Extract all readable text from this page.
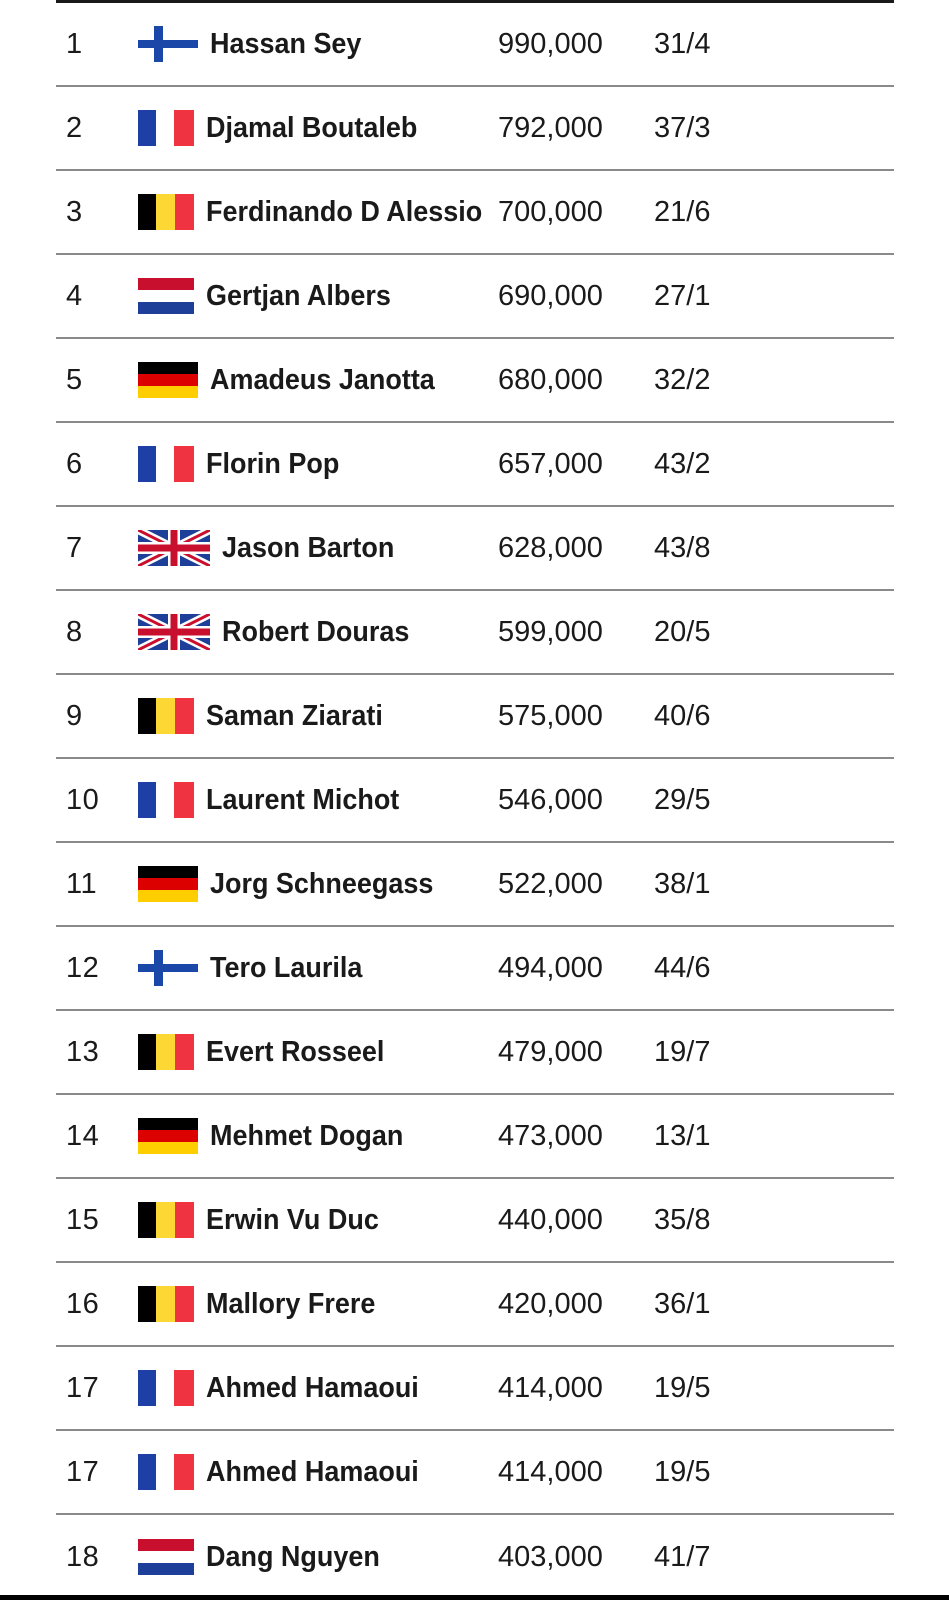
1	Hassan Sey	990,000 31/4
2	Djamal Boutaleb	792,000 37/3
3	Ferdinando D Alessio 700,000 21/6
4	Gertjan Albers	690,000 27/1
5	Amadeus Janotta	680,000 32/2
6	Florin Pop	657,000 43/2
7	Jason Barton	628,000 43/8
8	Robert Douras	599,000 20/5
9	Saman Ziarati	575,000 40/6
10	Laurent Michot	546,000 29/5
11	Jorg Schneegass	522,000 38/1
12	Tero Laurila	494,000 44/6
13	Evert Rosseel	479,000 19/7
14	Mehmet Dogan	473,000 13/1
15	Erwin Vu Duc	440,000 35/8
16	Mallory Frere	420,000 36/1
17	Ahmed Hamaoui	414,000 19/5
17	Ahmed Hamaoui	414,000 19/5
18	Dang Nguyen	403,000 41/7
